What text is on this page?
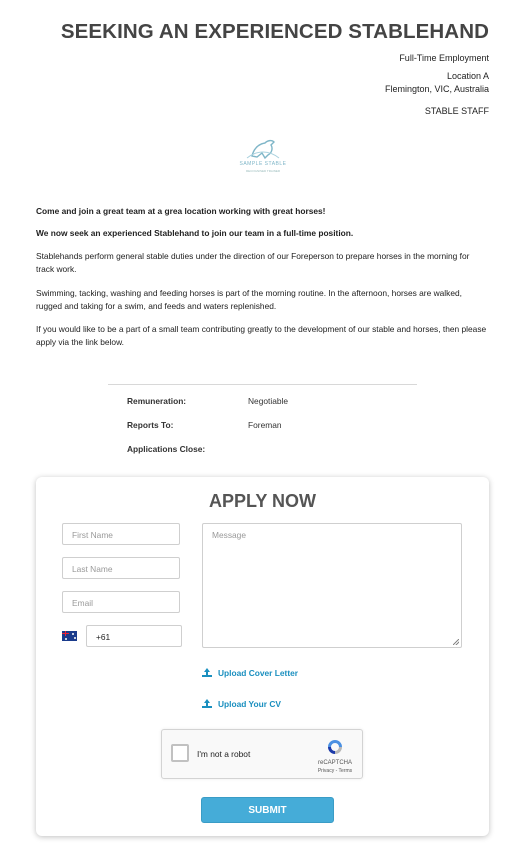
SEEKING AN EXPERIENCED STABLEHAND
Full-Time Employment
Location A
Flemington, VIC, Australia
STABLE STAFF
SAMPLE STABLE
RECOGNISED TRAINER
Come and join a great team at a grea location working with great horses!
We now seek an experienced Stablehand to join our team in a full-time position.
Stablehands perform general stable duties under the direction of our Foreperson to prepare horses in the morning for track work.
Swimming, tacking, washing and feeding horses is part of the morning routine. In the afternoon, horses are walked, rugged and taking for a swim, and feeds and waters replenished.
If you would like to be a part of a small team contributing greatly to the development of our stable and horses, then please apply via the link below.
Remuneration:	Negotiable
Reports To:	Foreman
Applications Close:
APPLY NOW
First Name
Last Name
Email
+61
Message
Upload Cover Letter
Upload Your CV
I'm not a robot
reCAPTCHA
Privacy - Terms
SUBMIT
